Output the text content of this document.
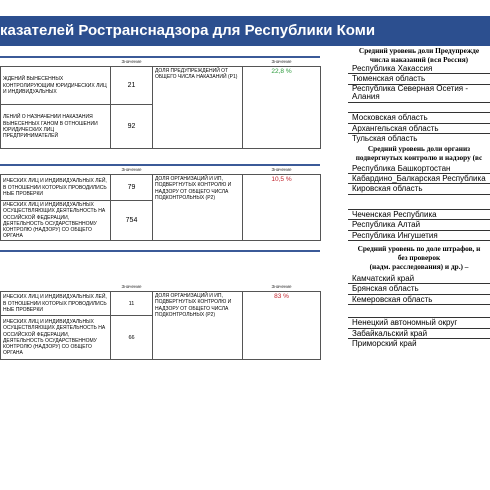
казателей Ространснадзора для Республики Коми
	Значение		Значение
ЖДЕНИЙ ВЫНЕСЕННЫХ КОНТРОЛИРУЮЩИМ ЮРИДИЧЕСКИХ ЛИЦ И ИНДИВИДУАЛЬНЫХ	21	ДОЛЯ ПРЕДУПРЕЖДЕНИЙ ОТ ОБЩЕГО ЧИСЛА НАКАЗАНИЙ (P1)	22,8 %
ЛЕНИЙ О НАЗНАЧЕНИИ НАКАЗАНИЯ ВЫНЕСЕННЫХ ГАНОМ В ОТНОШЕНИИ ЮРИДИЧЕСКИХ ЛИЦ ПРЕДПРИНИМАТЕЛЕЙ	92		
	Значение		Значение
ИЧЕСКИХ ЛИЦ И ИНДИВИДУАЛЬНЫХ ЛЕЙ, В ОТНОШЕНИИ КОТОРЫХ ПРОВОДИЛИСЬ НЫЕ ПРОВЕРКИ	79	ДОЛЯ ОРГАНИЗАЦИЙ И ИП, ПОДВЕРГНУТЫХ КОНТРОЛЮ И НАДЗОРУ ОТ ОБЩЕГО ЧИСЛА ПОДКОНТРОЛЬНЫХ (P2)	10,5 %
ИЧЕСКИХ ЛИЦ И ИНДИВИДУАЛЬНЫХ ОСУЩЕСТВЛЯЮЩИХ ДЕЯТЕЛЬНОСТЬ НА ОССИЙСКОЙ ФЕДЕРАЦИИ, ДЕЯТЕЛЬНОСТЬ ОСУДАРСТВЕННОМУ КОНТРОЛЮ (НАДЗОРУ) СО ОБЩЕГО ОРГАНА	754		
	Значение		Значение
ИЧЕСКИХ ЛИЦ И ИНДИВИДУАЛЬНЫХ ЛЕЙ, В ОТНОШЕНИИ КОТОРЫХ ПРОВОДИЛИСЬ НЫЕ ПРОВЕРКИ	11	ДОЛЯ ОРГАНИЗАЦИЙ И ИП, ПОДВЕРГНУТЫХ КОНТРОЛЮ И НАДЗОРУ ОТ ОБЩЕГО ЧИСЛА ПОДКОНТРОЛЬНЫХ (P2)	83 %
ИЧЕСКИХ ЛИЦ И ИНДИВИДУАЛЬНЫХ ОСУЩЕСТВЛЯЮЩИХ ДЕЯТЕЛЬНОСТЬ НА ОССИЙСКОЙ ФЕДЕРАЦИИ, ДЕЯТЕЛЬНОСТЬ ОСУДАРСТВЕННОМУ КОНТРОЛЮ (НАДЗОРУ) СО ОБЩЕГО ОРГАНА	66		
Средний уровень доли Предупрежде
числа наказаний (вся Россия)
Республика Хакассия
Тюменская область
Республика Северная Осетия - Алания

Московская область
Архангельская область
Тульская область
Средний уровень доли организ
подвергнутых контролю и надзору (вс
Республика Башкортостан
Кабардино_Балкарская Республика
Кировская область

Чеченская Республика
Республика Алтай
Республика Ингушетия
Средний уровень по доле штрафов, н
без проверок
(надм. расследования) и др.) –
Камчатский край
Брянская область
Кемеровская область

Ненецкий автономный округ
Забайкальский край
Приморский край
